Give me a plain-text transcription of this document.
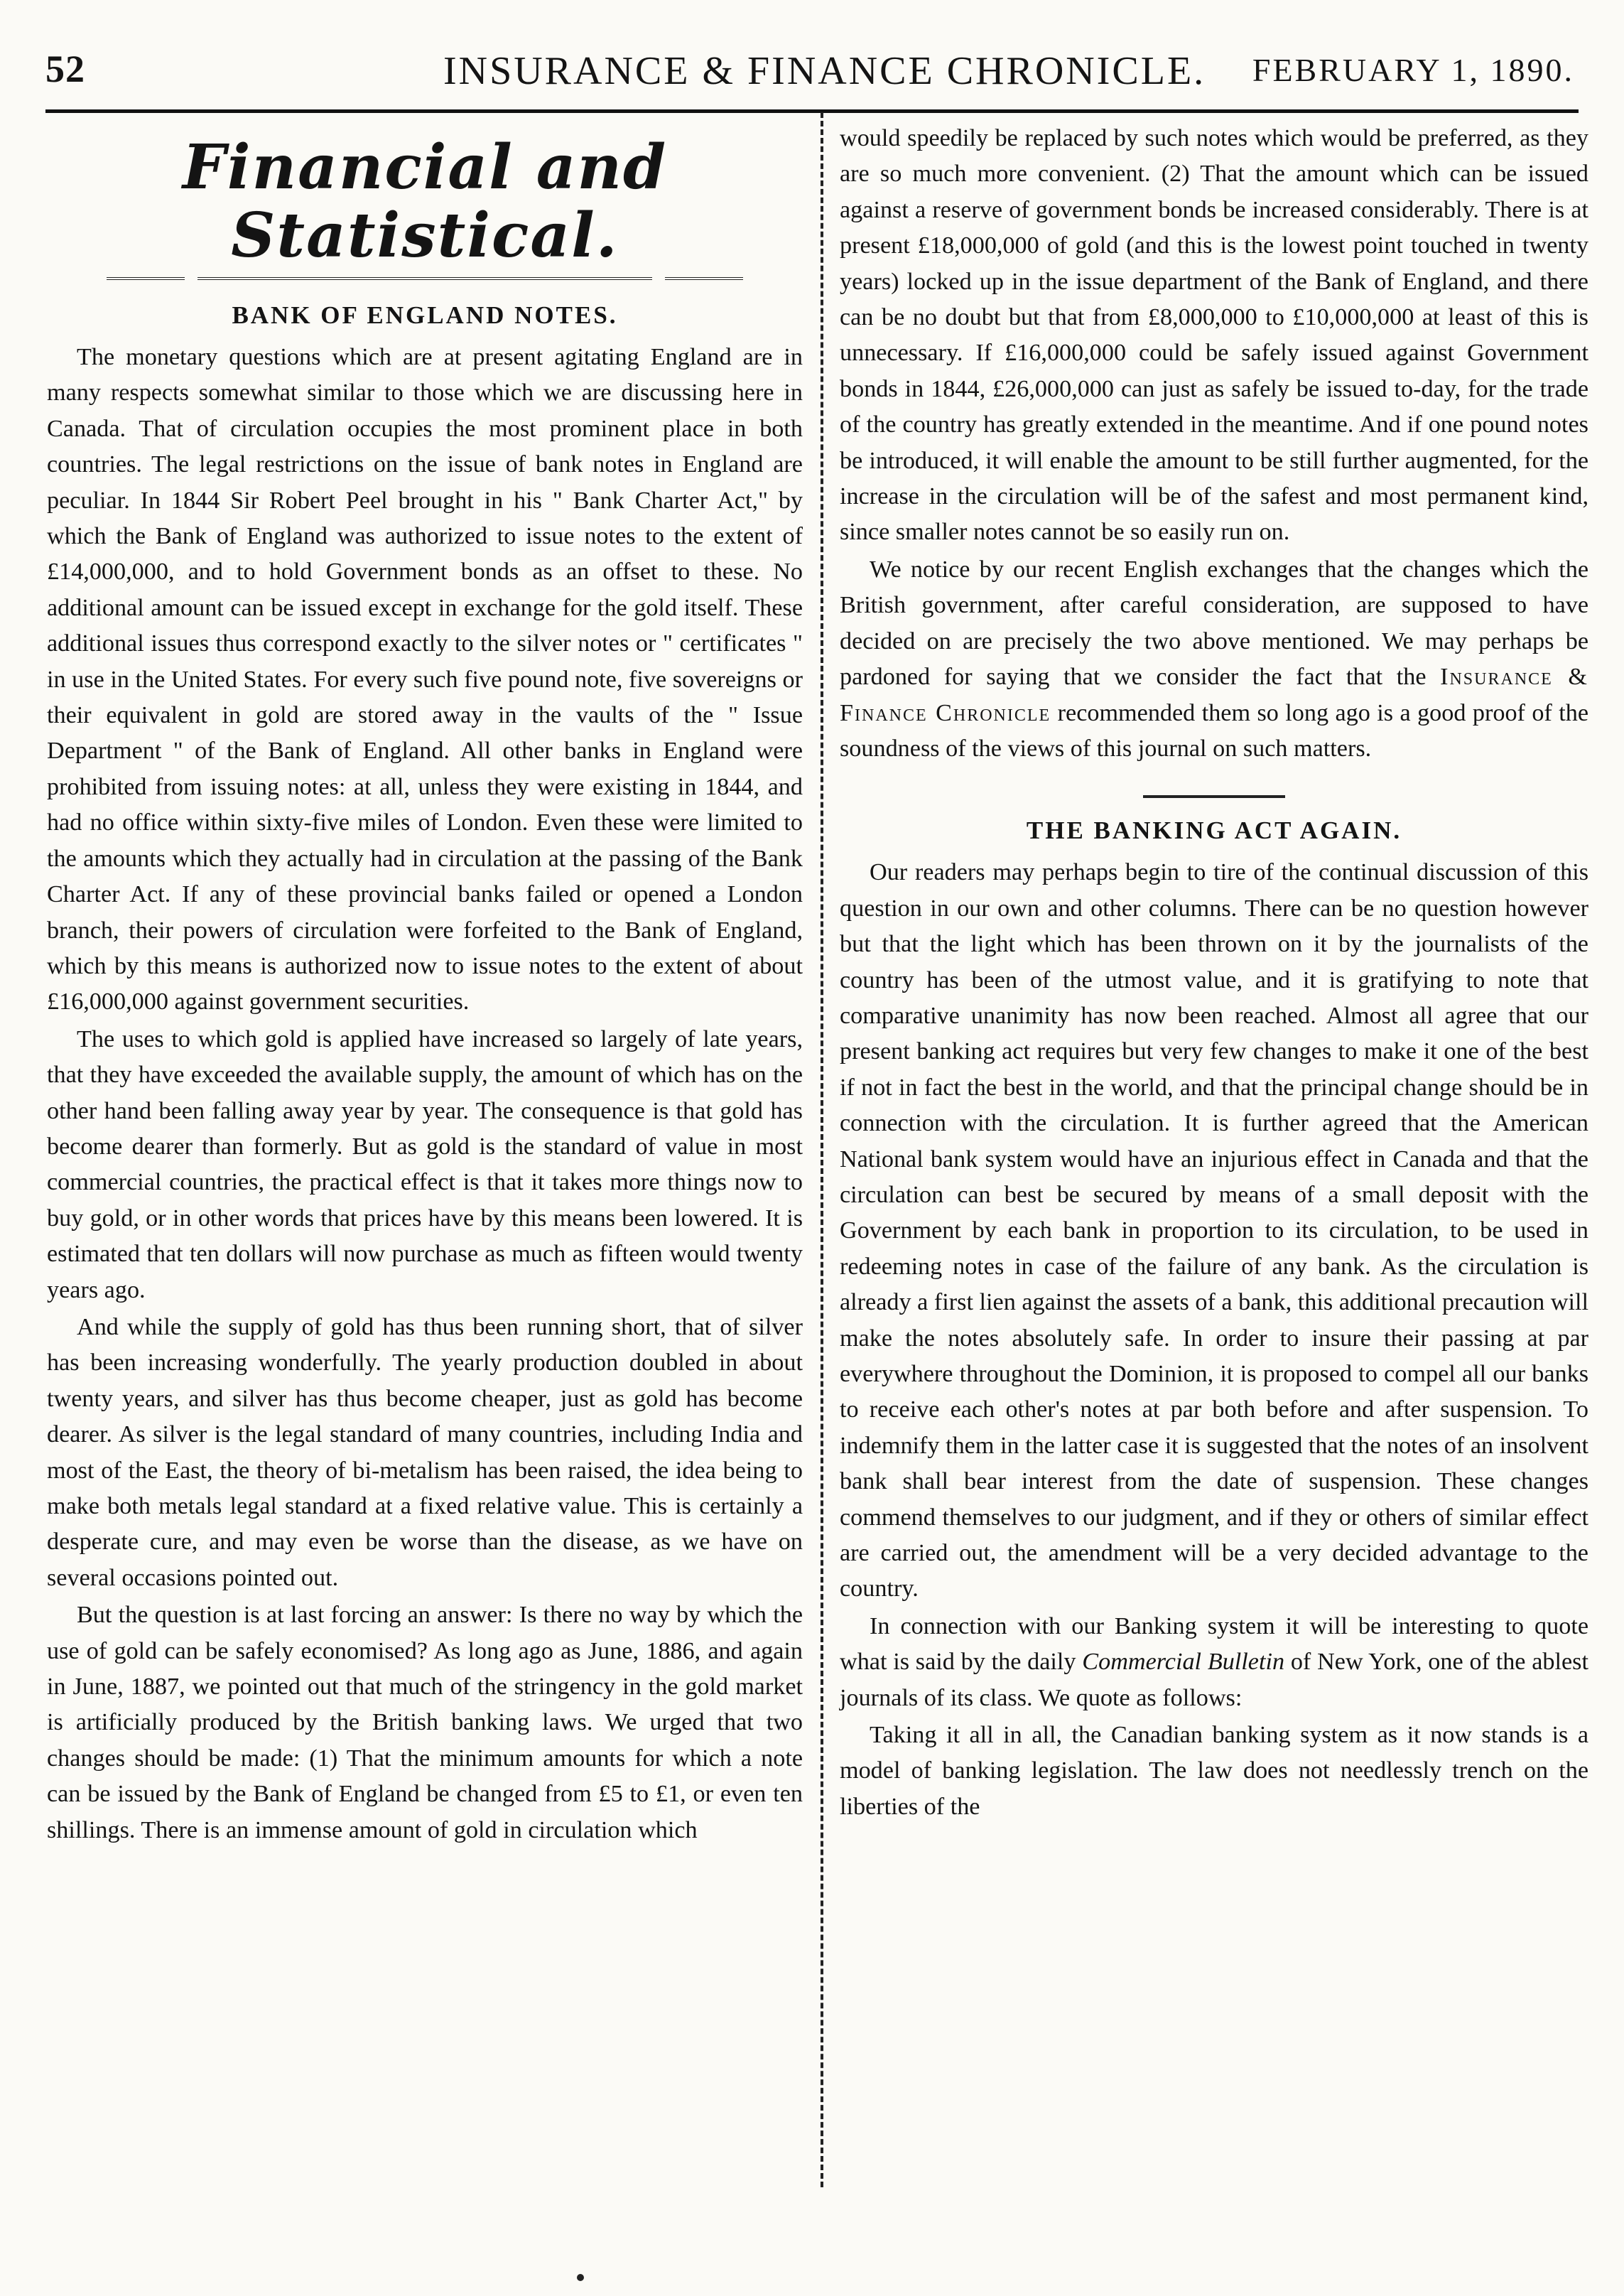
52	INSURANCE & FINANCE CHRONICLE. FEBRUARY 1, 1890.
Financial and Statistical.
BANK OF ENGLAND NOTES.

The monetary questions which are at present agitating England are in many respects somewhat similar to those which we are discussing here in Canada. That of circulation occupies the most prominent place in both countries. The legal restrictions on the issue of bank notes in England are peculiar. In 1844 Sir Robert Peel brought in his " Bank Charter Act," by which the Bank of England was authorized to issue notes to the extent of £14,000,000, and to hold Government bonds as an offset to these. No additional amount can be issued except in exchange for the gold itself. These additional issues thus correspond exactly to the silver notes or " certificates " in use in the United States. For every such five pound note, five sovereigns or their equivalent in gold are stored away in the vaults of the " Issue Department " of the Bank of England. All other banks in England were prohibited from issuing notes: at all, unless they were existing in 1844, and had no office within sixty-five miles of London. Even these were limited to the amounts which they actually had in circulation at the passing of the Bank Charter Act. If any of these provincial banks failed or opened a London branch, their powers of circulation were forfeited to the Bank of England, which by this means is authorized now to issue notes to the extent of about £16,000,000 against government securities.

The uses to which gold is applied have increased so largely of late years, that they have exceeded the available supply, the amount of which has on the other hand been falling away year by year. The consequence is that gold has become dearer than formerly. But as gold is the standard of value in most commercial countries, the practical effect is that it takes more things now to buy gold, or in other words that prices have by this means been lowered. It is estimated that ten dollars will now purchase as much as fifteen would twenty years ago.

And while the supply of gold has thus been running short, that of silver has been increasing wonderfully. The yearly production doubled in about twenty years, and silver has thus become cheaper, just as gold has become dearer. As silver is the legal standard of many countries, including India and most of the East, the theory of bi-metalism has been raised, the idea being to make both metals legal standard at a fixed relative value. This is certainly a desperate cure, and may even be worse than the disease, as we have on several occasions pointed out.

But the question is at last forcing an answer: Is there no way by which the use of gold can be safely economised? As long ago as June, 1886, and again in June, 1887, we pointed out that much of the stringency in the gold market is artificially produced by the British banking laws. We urged that two changes should be made: (1) That the minimum amounts for which a note can be issued by the Bank of England be changed from £5 to £1, or even ten shillings. There is an immense amount of gold in circulation which

would speedily be replaced by such notes which would be preferred, as they are so much more convenient. (2) That the amount which can be issued against a reserve of government bonds be increased considerably. There is at present £18,000,000 of gold (and this is the lowest point touched in twenty years) locked up in the issue department of the Bank of England, and there can be no doubt but that from £8,000,000 to £10,000,000 at least of this is unnecessary. If £16,000,000 could be safely issued against Government bonds in 1844, £26,000,000 can just as safely be issued to-day, for the trade of the country has greatly extended in the meantime. And if one pound notes be introduced, it will enable the amount to be still further augmented, for the increase in the circulation will be of the safest and most permanent kind, since smaller notes cannot be so easily run on.

We notice by our recent English exchanges that the changes which the British government, after careful consideration, are supposed to have decided on are precisely the two above mentioned. We may perhaps be pardoned for saying that we consider the fact that the Insurance & Finance Chronicle recommended them so long ago is a good proof of the soundness of the views of this journal on such matters.

THE BANKING ACT AGAIN.

Our readers may perhaps begin to tire of the continual discussion of this question in our own and other columns. There can be no question however but that the light which has been thrown on it by the journalists of the country has been of the utmost value, and it is gratifying to note that comparative unanimity has now been reached. Almost all agree that our present banking act requires but very few changes to make it one of the best if not in fact the best in the world, and that the principal change should be in connection with the circulation. It is further agreed that the American National bank system would have an injurious effect in Canada and that the circulation can best be secured by means of a small deposit with the Government by each bank in proportion to its circulation, to be used in redeeming notes in case of the failure of any bank. As the circulation is already a first lien against the assets of a bank, this additional precaution will make the notes absolutely safe. In order to insure their passing at par everywhere throughout the Dominion, it is proposed to compel all our banks to receive each other's notes at par both before and after suspension. To indemnify them in the latter case it is suggested that the notes of an insolvent bank shall bear interest from the date of suspension. These changes commend themselves to our judgment, and if they or others of similar effect are carried out, the amendment will be a very decided advantage to the country.

In connection with our Banking system it will be interesting to quote what is said by the daily Commercial Bulletin of New York, one of the ablest journals of its class. We quote as follows:

Taking it all in all, the Canadian banking system as it now stands is a model of banking legislation. The law does not needlessly trench on the liberties of the
